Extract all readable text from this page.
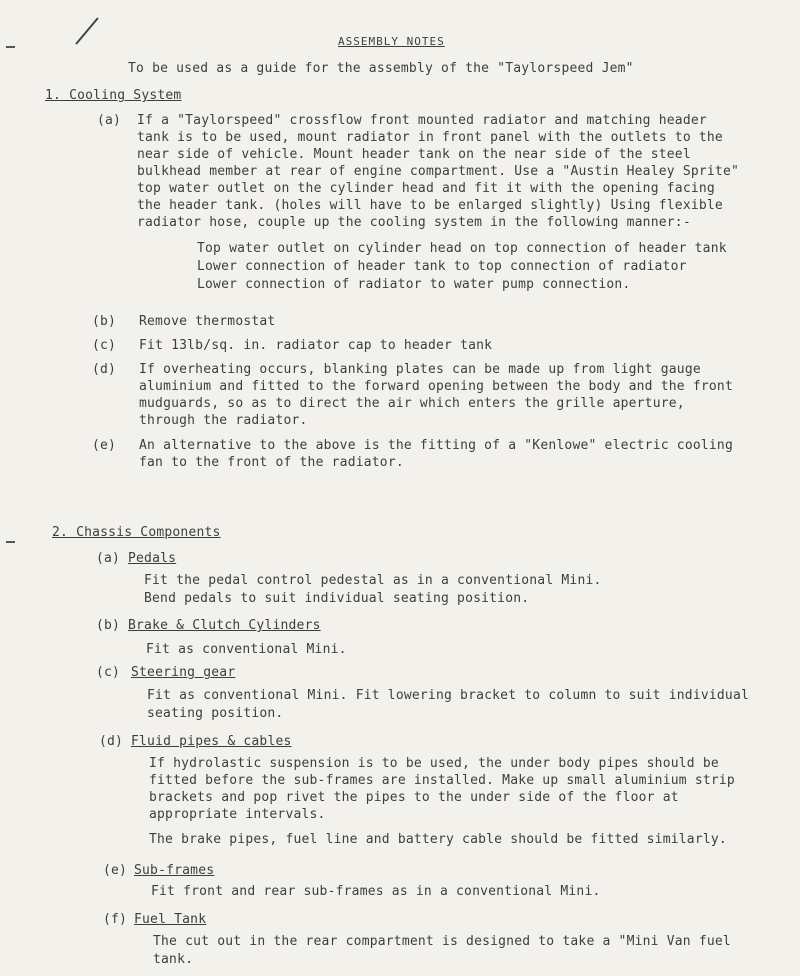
ASSEMBLY NOTES
To be used as a guide for the assembly of the "Taylorspeed Jem"
1. Cooling System
(a) If a "Taylorspeed" crossflow front mounted radiator and matching header
tank is to be used, mount radiator in front panel with the outlets to the
near side of vehicle. Mount header tank on the near side of the steel
bulkhead member at rear of engine compartment. Use a "Austin Healey Sprite"
top water outlet on the cylinder head and fit it with the opening facing
the header tank. (holes will have to be enlarged slightly) Using flexible
radiator hose, couple up the cooling system in the following manner:-
Top water outlet on cylinder head on top connection of header tank
Lower connection of header tank to top connection of radiator
Lower connection of radiator to water pump connection.
(b) Remove thermostat
(c) Fit 13lb/sq. in. radiator cap to header tank
(d) If overheating occurs, blanking plates can be made up from light gauge
aluminium and fitted to the forward opening between the body and the front
mudguards, so as to direct the air which enters the grille aperture,
through the radiator.
(e) An alternative to the above is the fitting of a "Kenlowe" electric cooling
fan to the front of the radiator.
2. Chassis Components
(a) Pedals
Fit the pedal control pedestal as in a conventional Mini.
Bend pedals to suit individual seating position.
(b) Brake & Clutch Cylinders
Fit as conventional Mini.
(c) Steering gear
Fit as conventional Mini. Fit lowering bracket to column to suit individual
seating position.
(d) Fluid pipes & cables
If hydrolastic suspension is to be used, the under body pipes should be
fitted before the sub-frames are installed. Make up small aluminium strip
brackets and pop rivet the pipes to the under side of the floor at
appropriate intervals.
The brake pipes, fuel line and battery cable should be fitted similarly.
(e) Sub-frames
Fit front and rear sub-frames as in a conventional Mini.
(f) Fuel Tank
The cut out in the rear compartment is designed to take a "Mini Van fuel
tank.
